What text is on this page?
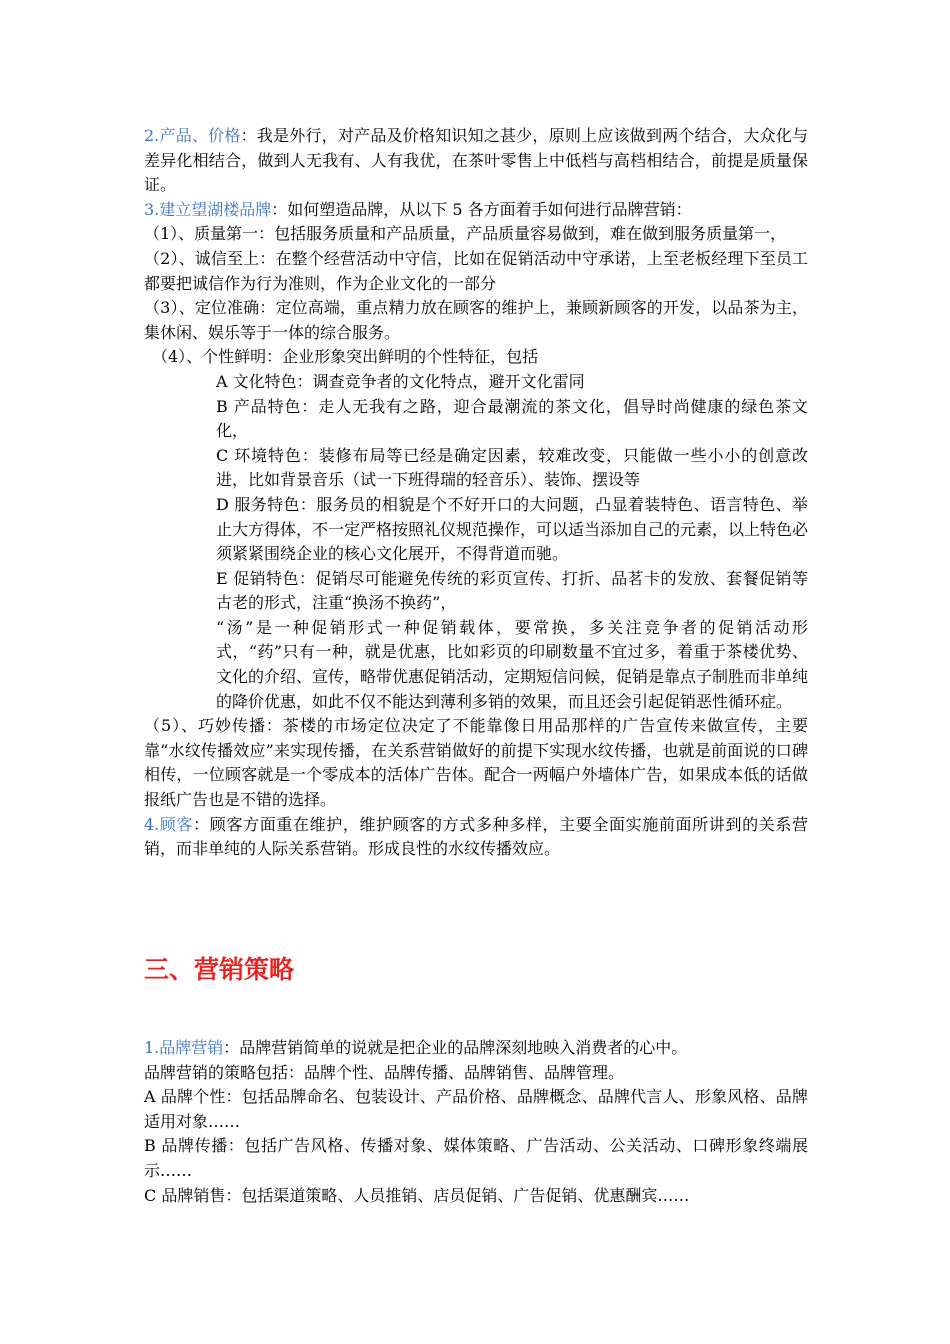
2.产品、价格：我是外行，对产品及价格知识知之甚少，原则上应该做到两个结合，大众化与差异化相结合，做到人无我有、人有我优，在茶叶零售上中低档与高档相结合，前提是质量保证。

3.建立望湖楼品牌：如何塑造品牌，从以下 5 各方面着手如何进行品牌营销：

（1）、质量第一：包括服务质量和产品质量，产品质量容易做到，难在做到服务质量第一，

（2）、诚信至上：在整个经营活动中守信，比如在促销活动中守承诺，上至老板经理下至员工都要把诚信作为行为准则，作为企业文化的一部分

（3）、定位准确：定位高端，重点精力放在顾客的维护上，兼顾新顾客的开发，以品茶为主，集休闲、娱乐等于一体的综合服务。

（4）、个性鲜明：企业形象突出鲜明的个性特征，包括

A 文化特色：调查竞争者的文化特点，避开文化雷同

B 产品特色：走人无我有之路，迎合最潮流的茶文化，倡导时尚健康的绿色茶文化，

C 环境特色：装修布局等已经是确定因素，较难改变，只能做一些小小的创意改进，比如背景音乐（试一下班得瑞的轻音乐）、装饰、摆设等

D 服务特色：服务员的相貌是个不好开口的大问题，凸显着装特色、语言特色、举止大方得体，不一定严格按照礼仪规范操作，可以适当添加自己的元素，以上特色必须紧紧围绕企业的核心文化展开，不得背道而驰。

E 促销特色：促销尽可能避免传统的彩页宣传、打折、品茗卡的发放、套餐促销等古老的形式，注重“换汤不换药”，

“汤”是一种促销形式一种促销载体，要常换，多关注竞争者的促销活动形式，“药”只有一种，就是优惠，比如彩页的印刷数量不宜过多，着重于茶楼优势、文化的介绍、宣传，略带优惠促销活动，定期短信问候，促销是靠点子制胜而非单纯的降价优惠，如此不仅不能达到薄利多销的效果，而且还会引起促销恶性循环症。

（5）、巧妙传播：茶楼的市场定位决定了不能靠像日用品那样的广告宣传来做宣传，主要靠“水纹传播效应”来实现传播，在关系营销做好的前提下实现水纹传播，也就是前面说的口碑相传，一位顾客就是一个零成本的活体广告体。配合一两幅户外墙体广告，如果成本低的话做报纸广告也是不错的选择。

4.顾客：顾客方面重在维护，维护顾客的方式多种多样，主要全面实施前面所讲到的关系营销，而非单纯的人际关系营销。形成良性的水纹传播效应。

三、营销策略

1.品牌营销：品牌营销简单的说就是把企业的品牌深刻地映入消费者的心中。

品牌营销的策略包括：品牌个性、品牌传播、品牌销售、品牌管理。

A 品牌个性：包括品牌命名、包装设计、产品价格、品牌概念、品牌代言人、形象风格、品牌适用对象……

B 品牌传播：包括广告风格、传播对象、媒体策略、广告活动、公关活动、口碑形象终端展示……

C 品牌销售：包括渠道策略、人员推销、店员促销、广告促销、优惠酬宾……
